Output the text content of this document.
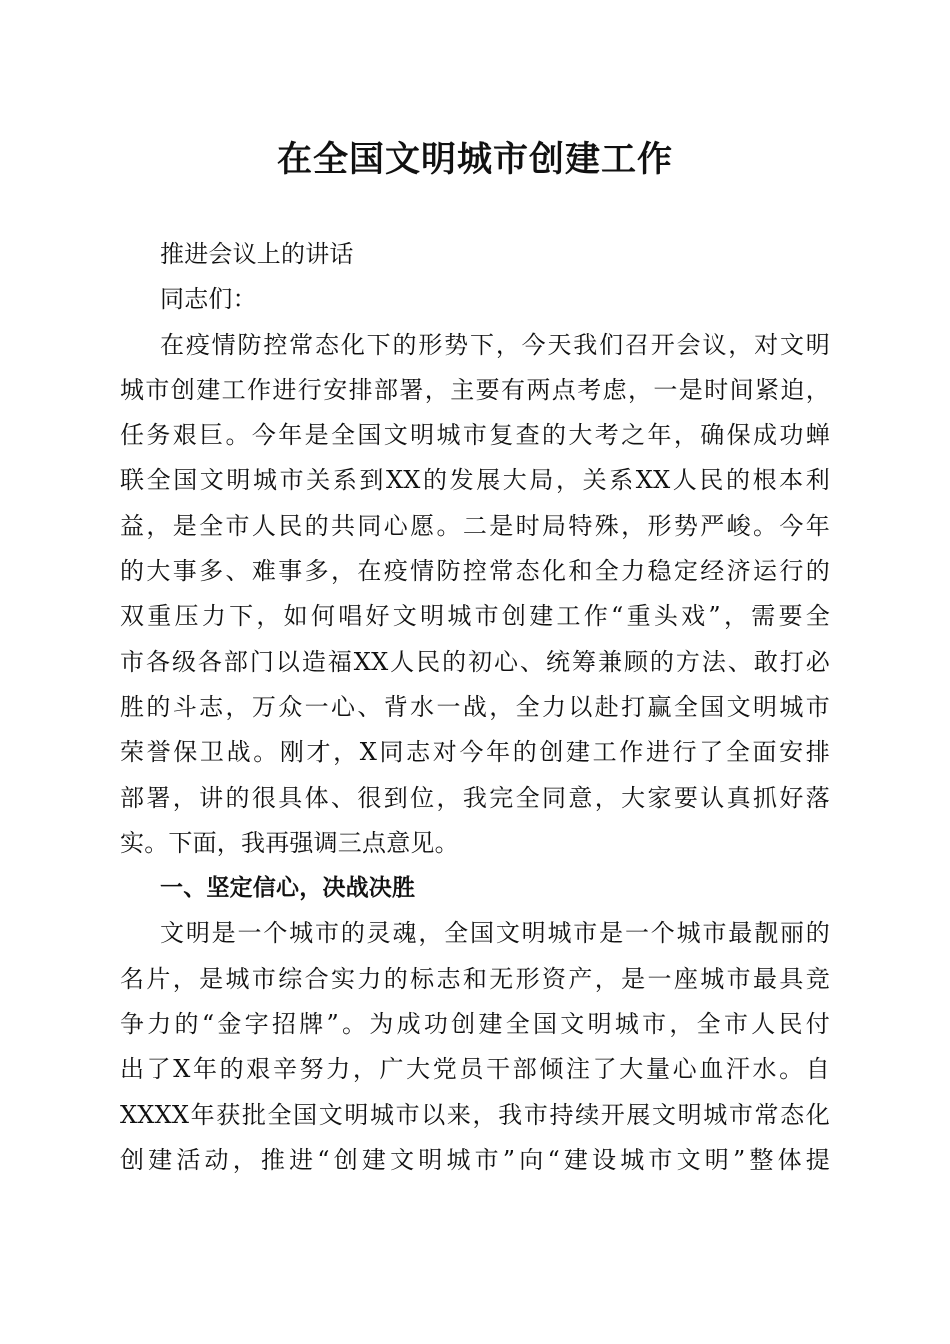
在全国文明城市创建工作
推进会议上的讲话
同志们：
在疫情防控常态化下的形势下，今天我们召开会议，对文明
城市创建工作进行安排部署，主要有两点考虑，一是时间紧迫，
任务艰巨。今年是全国文明城市复查的大考之年，确保成功蝉
联全国文明城市关系到XX的发展大局，关系XX人民的根本利
益，是全市人民的共同心愿。二是时局特殊，形势严峻。今年
的大事多、难事多，在疫情防控常态化和全力稳定经济运行的
双重压力下，如何唱好文明城市创建工作“重头戏”，需要全
市各级各部门以造福XX人民的初心、统筹兼顾的方法、敢打必
胜的斗志，万众一心、背水一战，全力以赴打赢全国文明城市
荣誉保卫战。刚才，X同志对今年的创建工作进行了全面安排
部署，讲的很具体、很到位，我完全同意，大家要认真抓好落
实。下面，我再强调三点意见。
一、坚定信心，决战决胜
文明是一个城市的灵魂，全国文明城市是一个城市最靓丽的
名片，是城市综合实力的标志和无形资产，是一座城市最具竞
争力的“金字招牌”。为成功创建全国文明城市，全市人民付
出了X年的艰辛努力，广大党员干部倾注了大量心血汗水。自
XXXX年获批全国文明城市以来，我市持续开展文明城市常态化
创建活动，推进“创建文明城市”向“建设城市文明”整体提
